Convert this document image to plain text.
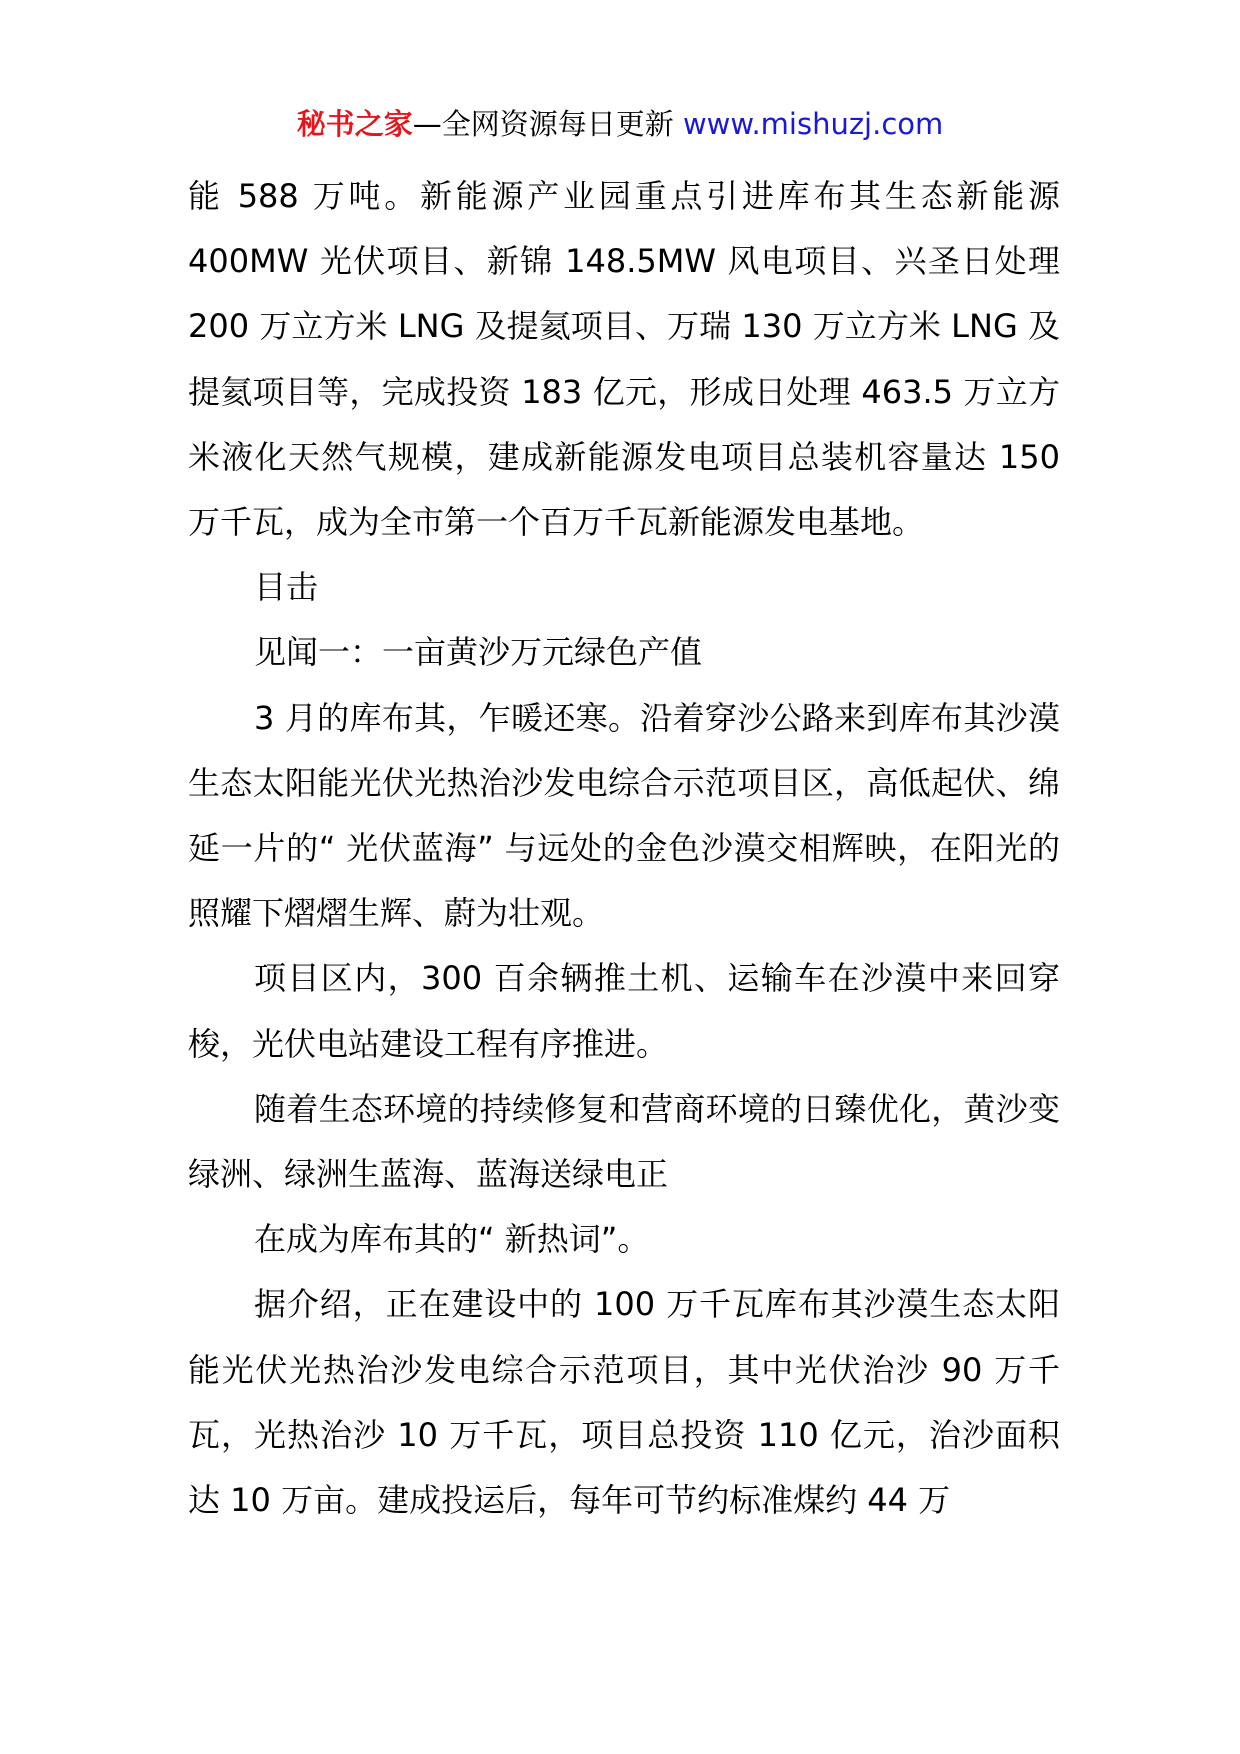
秘书之家—全网资源每日更新 www.mishuzj.com

能 588 万吨。新能源产业园重点引进库布其生态新能源 400MW 光伏项目、新锦 148.5MW 风电项目、兴圣日处理 200 万立方米 LNG 及提氦项目、万瑞 130 万立方米 LNG 及提氦项目等，完成投资 183 亿元，形成日处理 463.5 万立方米液化天然气规模，建成新能源发电项目总装机容量达 150 万千瓦，成为全市第一个百万千瓦新能源发电基地。

目击

见闻一：一亩黄沙万元绿色产值

3 月的库布其，乍暖还寒。沿着穿沙公路来到库布其沙漠生态太阳能光伏光热治沙发电综合示范项目区，高低起伏、绵延一片的“ 光伏蓝海” 与远处的金色沙漠交相辉映，在阳光的照耀下熠熠生辉、蔚为壮观。

项目区内，300 百余辆推土机、运输车在沙漠中来回穿梭，光伏电站建设工程有序推进。

随着生态环境的持续修复和营商环境的日臻优化，黄沙变绿洲、绿洲生蓝海、蓝海送绿电正

在成为库布其的“ 新热词”。

据介绍，正在建设中的 100 万千瓦库布其沙漠生态太阳能光伏光热治沙发电综合示范项目，其中光伏治沙 90 万千瓦，光热治沙 10 万千瓦，项目总投资 110 亿元，治沙面积达 10 万亩。建成投运后，每年可节约标准煤约 44 万
